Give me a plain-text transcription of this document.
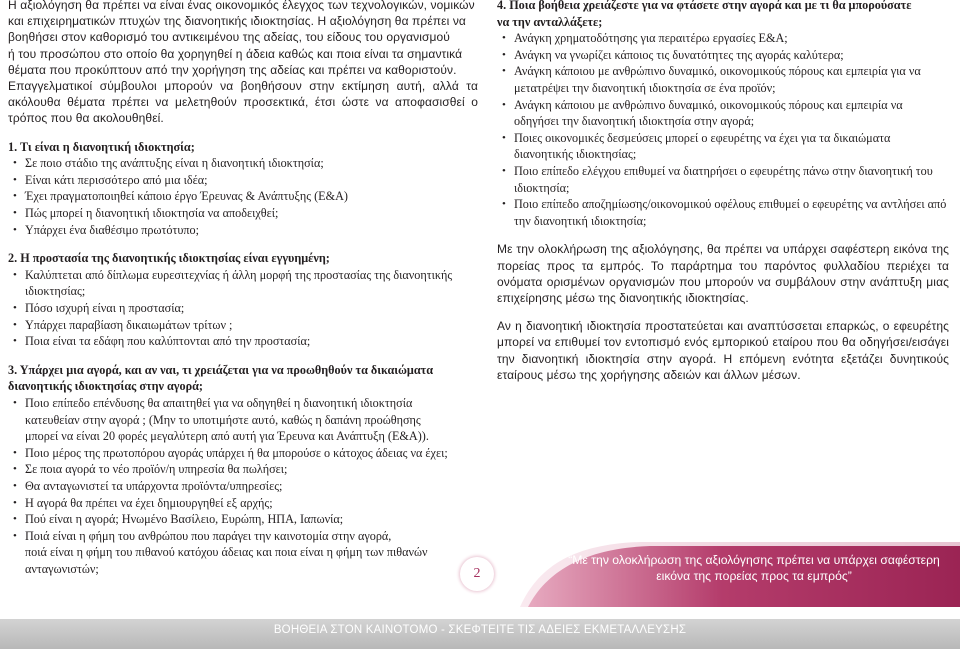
Η αξιολόγηση θα πρέπει να είναι ένας οικονομικός έλεγχος των τεχνολογικών, νομικών

και επιχειρηματικών πτυχών της διανοητικής ιδιοκτησίας. Η αξιολόγηση θα πρέπει να

βοηθήσει στον καθορισμό του αντικειμένου της αδείας, του είδους του οργανισμού

ή του προσώπου στο οποίο θα χορηγηθεί η άδεια καθώς και ποια είναι τα σημαντικά

θέματα που προκύπτουν από την χορήγηση της αδείας και πρέπει να καθοριστούν.

Επαγγελματικοί σύμβουλοι μπορούν να βοηθήσουν στην εκτίμηση αυτή, αλλά τα ακόλουθα θέματα πρέπει να μελετηθούν προσεκτικά, έτσι ώστε να αποφασισθεί ο τρόπος που θα ακολουθηθεί.

1. Τι είναι η διανοητική ιδιοκτησία;

• Σε ποιο στάδιο της ανάπτυξης είναι η διανοητική ιδιοκτησία;
• Είναι κάτι περισσότερο από μια ιδέα;
• Έχει πραγματοποιηθεί κάποιο έργο Έρευνας & Ανάπτυξης (Ε&Α)
• Πώς μπορεί η διανοητική ιδιοκτησία να αποδειχθεί;
• Υπάρχει ένα διαθέσιμο πρωτότυπο;

2. Η προστασία της διανοητικής ιδιοκτησίας είναι εγγυημένη;

• Καλύπτεται από δίπλωμα ευρεσιτεχνίας ή άλλη μορφή της προστασίας της διανοητικής ιδιοκτησίας;
• Πόσο ισχυρή είναι η προστασία;
• Υπάρχει παραβίαση δικαιωμάτων τρίτων ;
• Ποια είναι τα εδάφη που καλύπτονται από την προστασία;

3. Υπάρχει μια αγορά, και αν ναι, τι χρειάζεται για να προωθηθούν τα δικαιώματα

διανοητικής ιδιοκτησίας στην αγορά;

• Ποιο επίπεδο επένδυσης θα απαιτηθεί για να οδηγηθεί η διανοητική ιδιοκτησία
κατευθείαν στην αγορά ; (Μην το υποτιμήστε αυτό, καθώς η δαπάνη προώθησης
μπορεί να είναι 20 φορές μεγαλύτερη από αυτή για Έρευνα και Ανάπτυξη (Ε&Α)).
• Ποιο μέρος της πρωτοπόρου αγοράς υπάρχει ή θα μπορούσε ο κάτοχος άδειας να έχει;
• Σε ποια αγορά το νέο προϊόν/η υπηρεσία θα πωλήσει;
• Θα ανταγωνιστεί τα υπάρχοντα προϊόντα/υπηρεσίες;
• Η αγορά θα πρέπει να έχει δημιουργηθεί εξ αρχής;
• Πού είναι η αγορά; Ηνωμένο Βασίλειο, Ευρώπη, ΗΠΑ, Ιαπωνία;
• Ποιά είναι η φήμη του ανθρώπου που παράγει την καινοτομία στην αγορά,
ποιά είναι η φήμη του πιθανού κατόχου άδειας και ποια είναι η φήμη των πιθανών
ανταγωνιστών;

4. Ποια βοήθεια χρειάζεστε για να φτάσετε στην αγορά και με τι θα μπορούσατε

να την ανταλλάξετε;

• Ανάγκη χρηματοδότησης για περαιτέρω εργασίες Ε&Α;
• Ανάγκη να γνωρίζει κάποιος τις δυνατότητες της αγοράς καλύτερα;
• Ανάγκη κάποιου με ανθρώπινο δυναμικό, οικονομικούς πόρους και εμπειρία για να μετατρέψει την διανοητική ιδιοκτησία σε ένα προϊόν;
• Ανάγκη κάποιου με ανθρώπινο δυναμικό, οικονομικούς πόρους και εμπειρία να οδηγήσει την διανοητική ιδιοκτησία στην αγορά;
• Ποιες οικονομικές δεσμεύσεις μπορεί ο εφευρέτης να έχει για τα δικαιώματα διανοητικής ιδιοκτησίας;
• Ποιο επίπεδο ελέγχου επιθυμεί να διατηρήσει ο εφευρέτης πάνω στην διανοητική του ιδιοκτησία;
• Ποιο επίπεδο αποζημίωσης/οικονομικού οφέλους επιθυμεί ο εφευρέτης να αντλήσει από την διανοητική ιδιοκτησία;

Με την ολοκλήρωση της αξιολόγησης, θα πρέπει να υπάρχει σαφέστερη εικόνα της πορείας προς τα εμπρός. Το παράρτημα του παρόντος φυλλαδίου περιέχει τα ονόματα ορισμένων οργανισμών που μπορούν να συμβάλουν στην ανάπτυξη μιας επιχείρησης μέσω της διανοητικής ιδιοκτησίας.

Αν η διανοητική ιδιοκτησία προστατεύεται και αναπτύσσεται επαρκώς, ο εφευρέτης μπορεί να επιθυμεί τον εντοπισμό ενός εμπορικού εταίρου που θα οδηγήσει/εισάγει την διανοητική ιδιοκτησία στην αγορά. Η επόμενη ενότητα εξετάζει δυνητικούς εταίρους μέσω της χορήγησης αδειών και άλλων μέσων.

2
“Με την ολοκλήρωση της αξιολόγησης πρέπει να υπάρχει σαφέστερη εικόνα της πορείας προς τα εμπρός”
ΒΟΗΘΕΙΑ ΣΤΟΝ ΚΑΙΝΟΤΟΜΟ - ΣΚΕΦΤΕΙΤΕ ΤΙΣ ΑΔΕΙΕΣ ΕΚΜΕΤΑΛΛΕΥΣΗΣ
